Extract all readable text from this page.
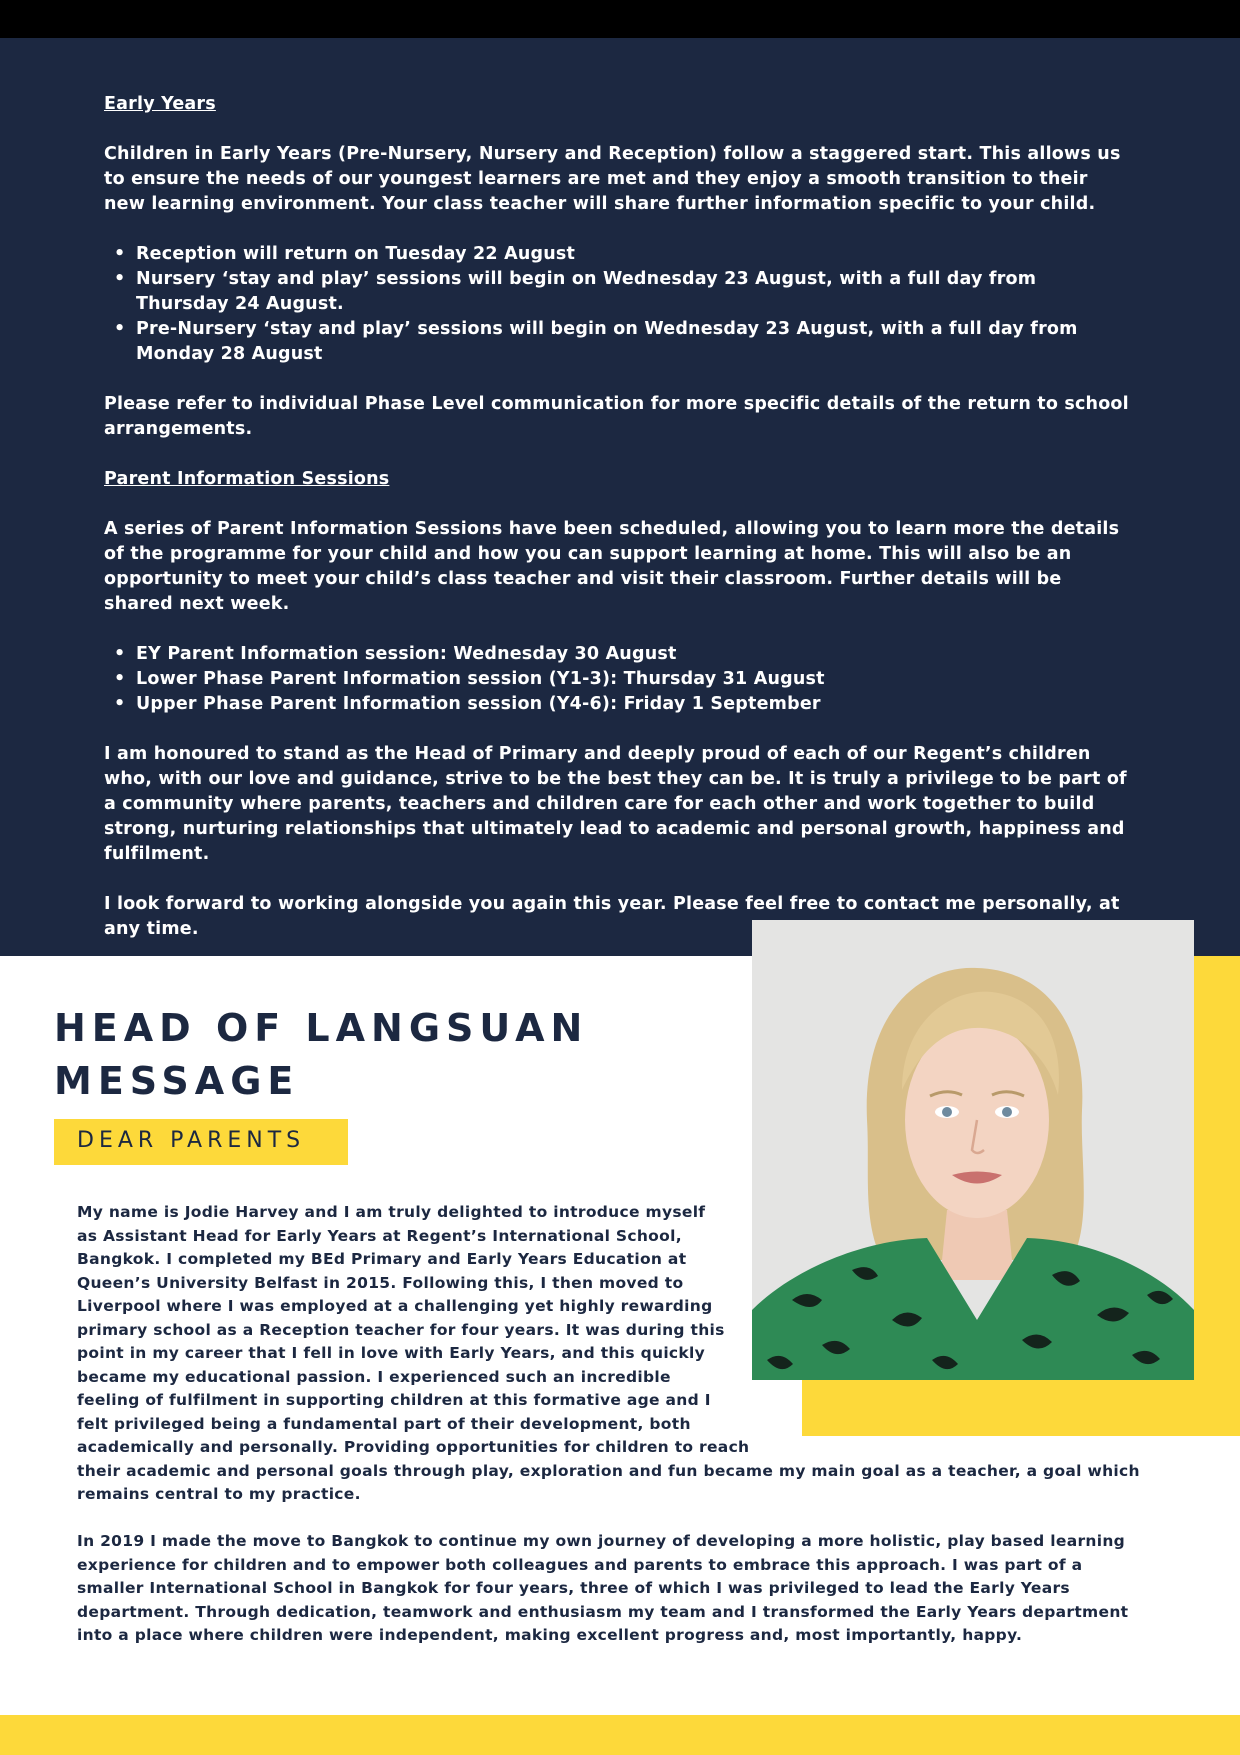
Early Years

Children in Early Years (Pre-Nursery, Nursery and Reception) follow a staggered start. This allows us to ensure the needs of our youngest learners are met and they enjoy a smooth transition to their new learning environment. Your class teacher will share further information specific to your child.

• Reception will return on Tuesday 22 August
• Nursery ‘stay and play’ sessions will begin on Wednesday 23 August, with a full day from Thursday 24 August.
• Pre-Nursery ‘stay and play’ sessions will begin on Wednesday 23 August, with a full day from Monday 28 August

Please refer to individual Phase Level communication for more specific details of the return to school arrangements.

Parent Information Sessions

A series of Parent Information Sessions have been scheduled, allowing you to learn more the details of the programme for your child and how you can support learning at home. This will also be an opportunity to meet your child’s class teacher and visit their classroom. Further details will be shared next week.

• EY Parent Information session: Wednesday 30 August
• Lower Phase Parent Information session (Y1-3): Thursday 31 August
• Upper Phase Parent Information session (Y4-6): Friday 1 September

I am honoured to stand as the Head of Primary and deeply proud of each of our Regent’s children who, with our love and guidance, strive to be the best they can be. It is truly a privilege to be part of a community where parents, teachers and children care for each other and work together to build strong, nurturing relationships that ultimately lead to academic and personal growth, happiness and fulfilment.

I look forward to working alongside you again this year. Please feel free to contact me personally, at any time.

HEAD OF LANGSUAN
MESSAGE
DEAR PARENTS
My name is Jodie Harvey and I am truly delighted to introduce myself
as Assistant Head for Early Years at Regent’s International School,
Bangkok. I completed my BEd Primary and Early Years Education at
Queen’s University Belfast in 2015. Following this, I then moved to
Liverpool where I was employed at a challenging yet highly rewarding
primary school as a Reception teacher for four years. It was during this
point in my career that I fell in love with Early Years, and this quickly
became my educational passion. I experienced such an incredible
feeling of fulfilment in supporting children at this formative age and I
felt privileged being a fundamental part of their development, both
academically and personally. Providing opportunities for children to reach
their academic and personal goals through play, exploration and fun became my main goal as a teacher, a goal which
remains central to my practice.
In 2019 I made the move to Bangkok to continue my own journey of developing a more holistic, play based learning
experience for children and to empower both colleagues and parents to embrace this approach. I was part of a
smaller International School in Bangkok for four years, three of which I was privileged to lead the Early Years
department. Through dedication, teamwork and enthusiasm my team and I transformed the Early Years department
into a place where children were independent, making excellent progress and, most importantly, happy.
